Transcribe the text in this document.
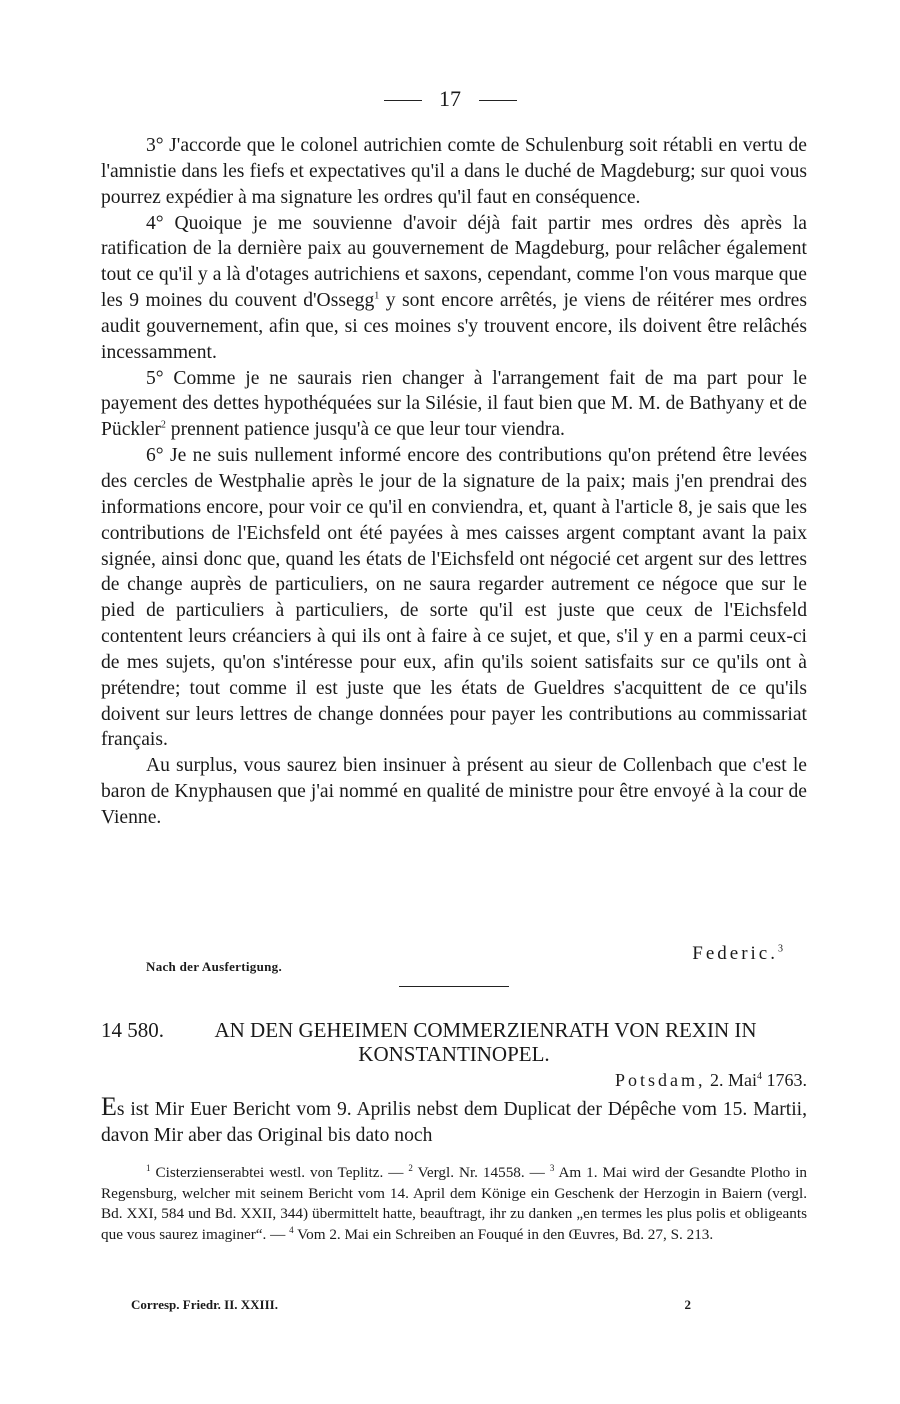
17

3° J'accorde que le colonel autrichien comte de Schulenburg soit rétabli en vertu de l'amnistie dans les fiefs et expectatives qu'il a dans le duché de Magdeburg; sur quoi vous pourrez expédier à ma signature les ordres qu'il faut en conséquence.

4° Quoique je me souvienne d'avoir déjà fait partir mes ordres dès après la ratification de la dernière paix au gouvernement de Magdeburg, pour relâcher également tout ce qu'il y a là d'otages autrichiens et saxons, cependant, comme l'on vous marque que les 9 moines du couvent d'Ossegg$^1$ y sont encore arrêtés, je viens de réitérer mes ordres audit gouvernement, afin que, si ces moines s'y trouvent encore, ils doivent être relâchés incessamment.

5° Comme je ne saurais rien changer à l'arrangement fait de ma part pour le payement des dettes hypothéquées sur la Silésie, il faut bien que M. M. de Bathyany et de Pückler$^2$ prennent patience jusqu'à ce que leur tour viendra.

6° Je ne suis nullement informé encore des contributions qu'on prétend être levées des cercles de Westphalie après le jour de la signature de la paix; mais j'en prendrai des informations encore, pour voir ce qu'il en conviendra, et, quant à l'article 8, je sais que les contributions de l'Eichsfeld ont été payées à mes caisses argent comptant avant la paix signée, ainsi donc que, quand les états de l'Eichsfeld ont négocié cet argent sur des lettres de change auprès de particuliers, on ne saura regarder autrement ce négoce que sur le pied de particuliers à particuliers, de sorte qu'il est juste que ceux de l'Eichsfeld contentent leurs créanciers à qui ils ont à faire à ce sujet, et que, s'il y en a parmi ceux-ci de mes sujets, qu'on s'intéresse pour eux, afin qu'ils soient satisfaits sur ce qu'ils ont à prétendre; tout comme il est juste que les états de Gueldres s'acquittent de ce qu'ils doivent sur leurs lettres de change données pour payer les contributions au commissariat français.

Au surplus, vous saurez bien insinuer à présent au sieur de Collenbach que c'est le baron de Knyphausen que j'ai nommé en qualité de ministre pour être envoyé à la cour de Vienne.

Nach der Ausfertigung.
Federic.$^3$
14 580. AN DEN GEHEIMEN COMMERZIENRATH VON REXIN IN KONSTANTINOPEL.
Potsdam, 2. Mai$^4$ 1763.
Es ist Mir Euer Bericht vom 9. Aprilis nebst dem Duplicat der Dépêche vom 15. Martii, davon Mir aber das Original bis dato noch

$^1$ Cisterzienserabtei westl. von Teplitz. — $^2$ Vergl. Nr. 14558. — $^3$ Am 1. Mai wird der Gesandte Plotho in Regensburg, welcher mit seinem Bericht vom 14. April dem Könige ein Geschenk der Herzogin in Baiern (vergl. Bd. XXI, 584 und Bd. XXII, 344) übermittelt hatte, beauftragt, ihr zu danken „en termes les plus polis et obligeants que vous saurez imaginer“. — $^4$ Vom 2. Mai ein Schreiben an Fouqué in den Œuvres, Bd. 27, S. 213.

Corresp. Friedr. II. XXIII.	2
